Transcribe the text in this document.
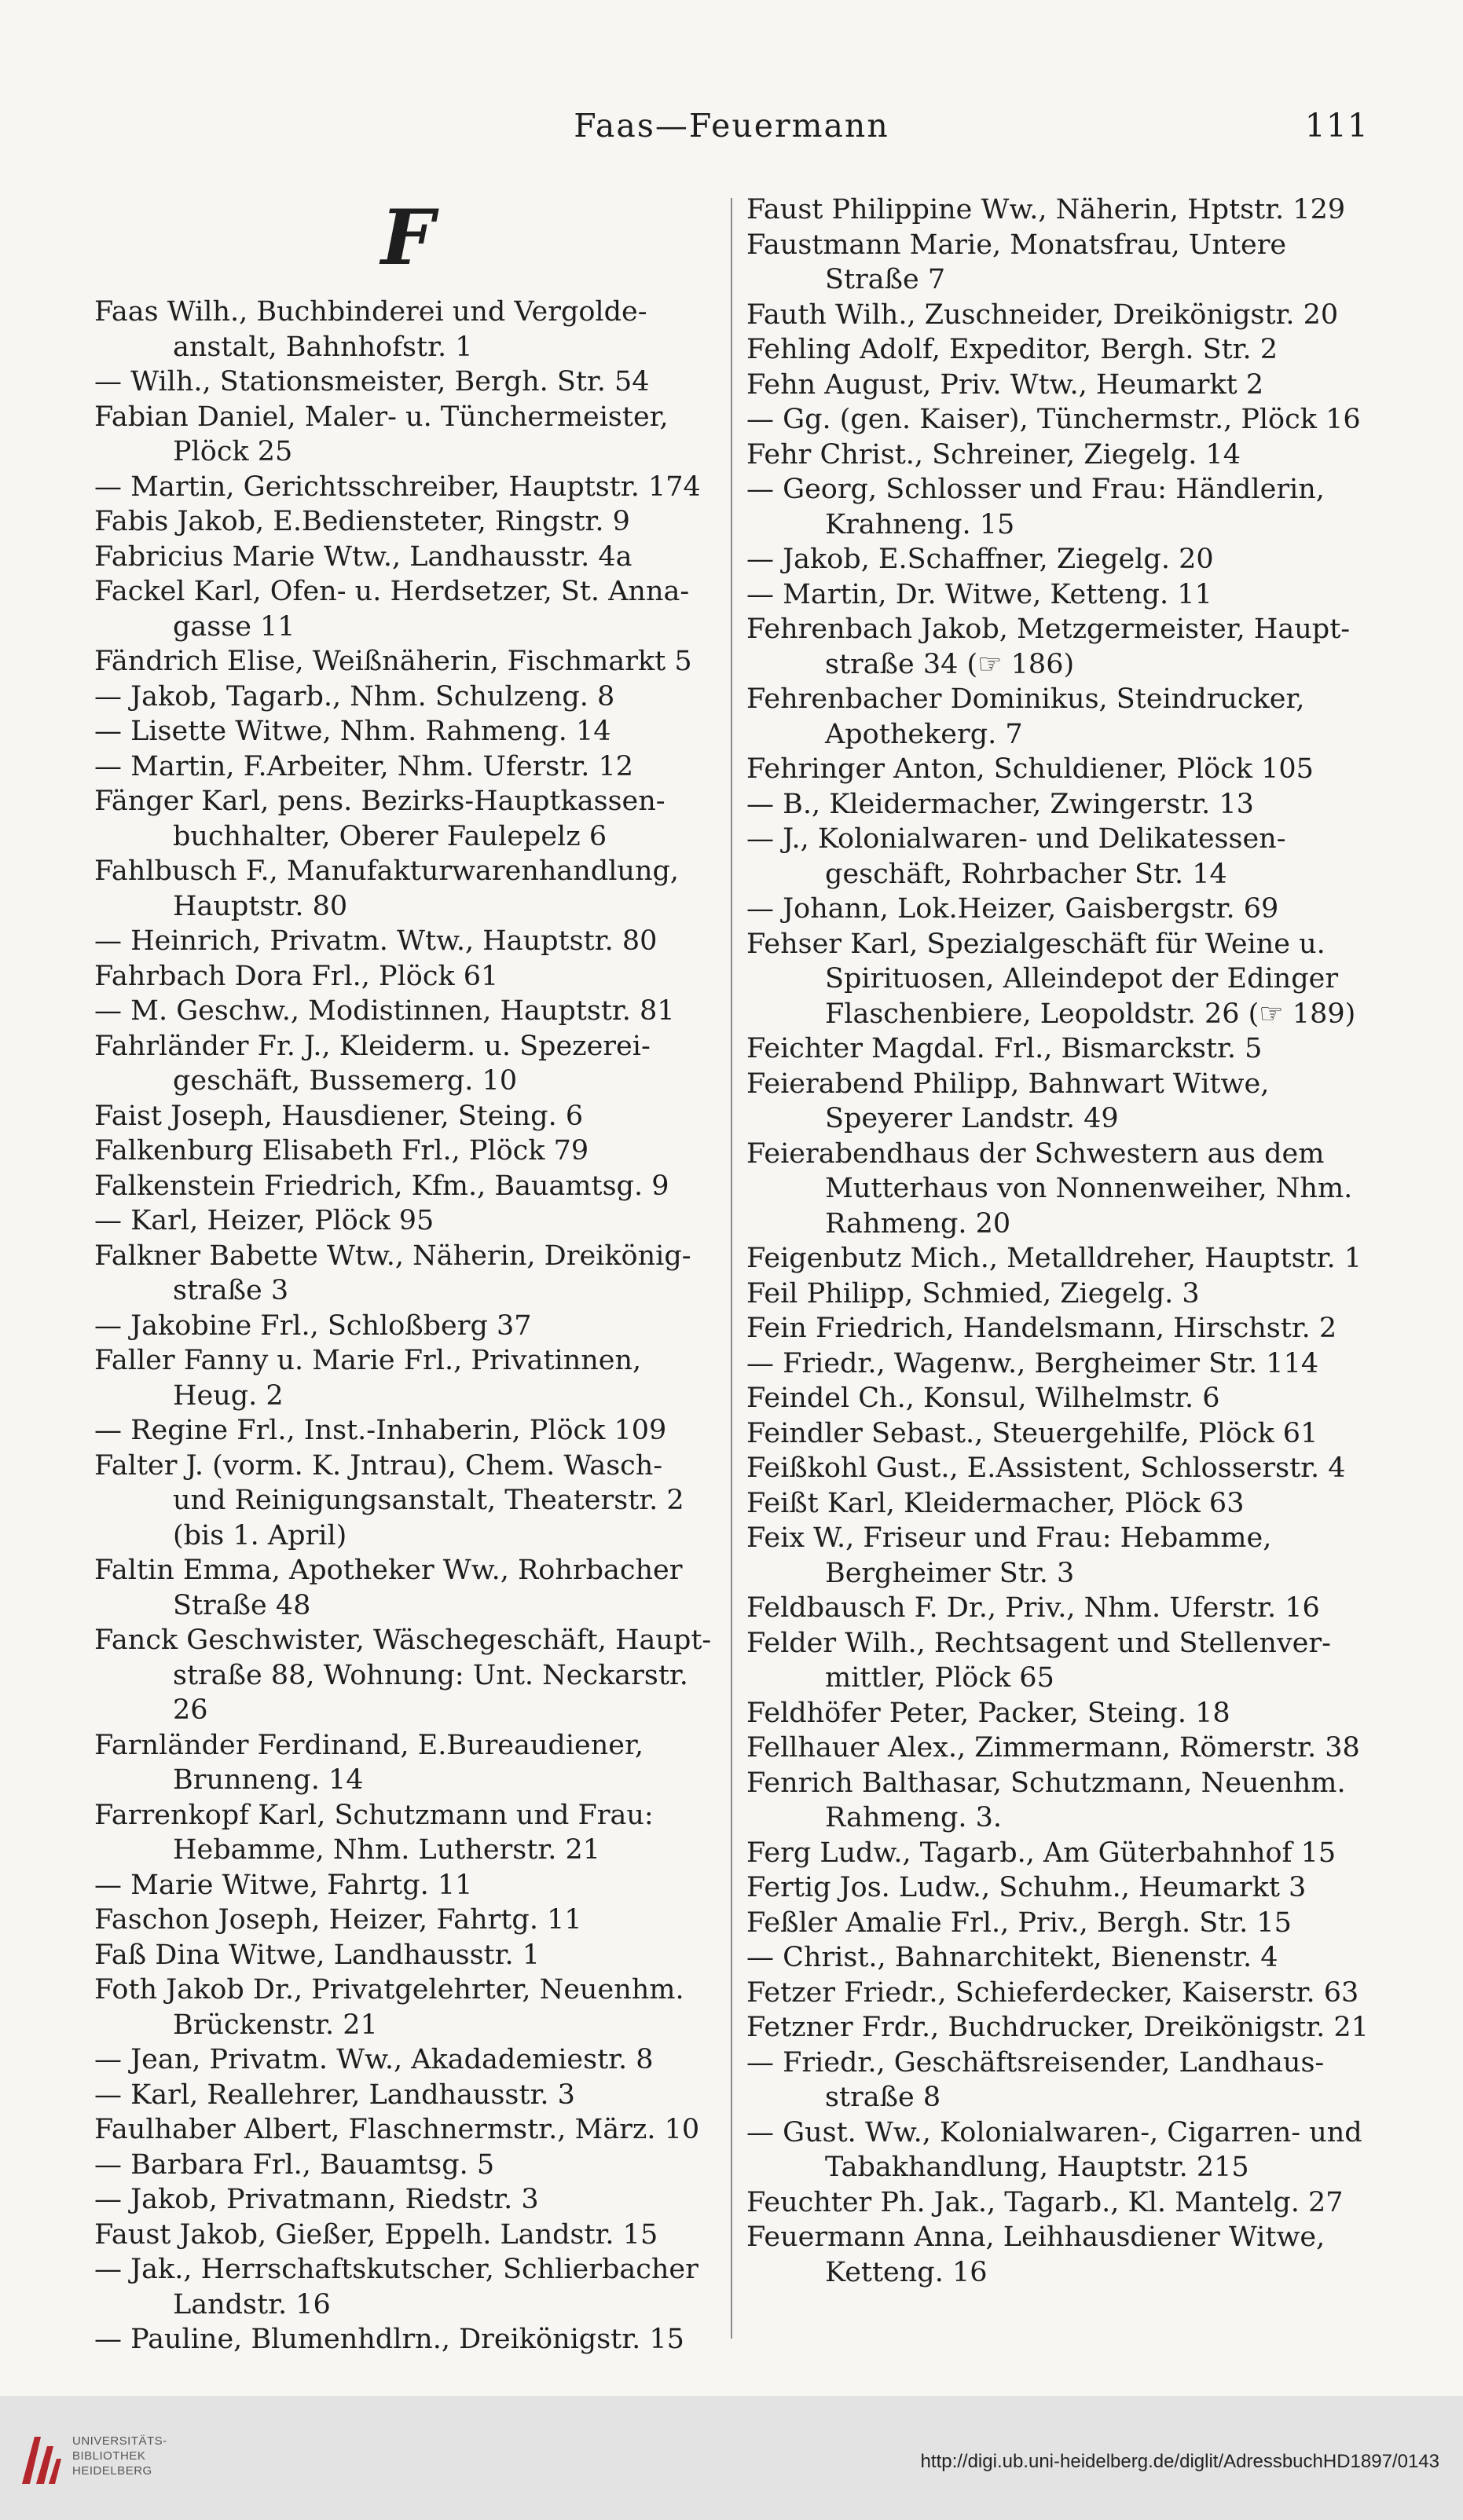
Faas—Feuermann	111
F

Faas Wilh., Buchbinderei und Vergolde-anstalt, Bahnhofstr. 1

— Wilh., Stationsmeister, Bergh. Str. 54

Fabian Daniel, Maler- u. Tünchermeister, Plöck 25

— Martin, Gerichtsschreiber, Hauptstr. 174

Fabis Jakob, E.Bediensteter, Ringstr. 9

Fabricius Marie Wtw., Landhausstr. 4a

Fackel Karl, Ofen- u. Herdsetzer, St. Anna-gasse 11

Fändrich Elise, Weißnäherin, Fischmarkt 5

— Jakob, Tagarb., Nhm. Schulzeng. 8

— Lisette Witwe, Nhm. Rahmeng. 14

— Martin, F.Arbeiter, Nhm. Uferstr. 12

Fänger Karl, pens. Bezirks-Hauptkassen-buchhalter, Oberer Faulepelz 6

Fahlbusch F., Manufakturwarenhandlung, Hauptstr. 80

— Heinrich, Privatm. Wtw., Hauptstr. 80

Fahrbach Dora Frl., Plöck 61

— M. Geschw., Modistinnen, Hauptstr. 81

Fahrländer Fr. J., Kleiderm. u. Spezerei-geschäft, Bussemerg. 10

Faist Joseph, Hausdiener, Steing. 6

Falkenburg Elisabeth Frl., Plöck 79

Falkenstein Friedrich, Kfm., Bauamtsg. 9

— Karl, Heizer, Plöck 95

Falkner Babette Wtw., Näherin, Dreikönig-straße 3

— Jakobine Frl., Schloßberg 37

Faller Fanny u. Marie Frl., Privatinnen, Heug. 2

— Regine Frl., Inst.-Inhaberin, Plöck 109

Falter J. (vorm. K. Jntrau), Chem. Wasch- und Reinigungsanstalt, Theaterstr. 2 (bis 1. April)

Faltin Emma, Apotheker Ww., Rohrbacher Straße 48

Fanck Geschwister, Wäschegeschäft, Haupt-straße 88, Wohnung: Unt. Neckarstr. 26

Farnländer Ferdinand, E.Bureaudiener, Brunneng. 14

Farrenkopf Karl, Schutzmann und Frau: Hebamme, Nhm. Lutherstr. 21

— Marie Witwe, Fahrtg. 11

Faschon Joseph, Heizer, Fahrtg. 11

Faß Dina Witwe, Landhausstr. 1

Foth Jakob Dr., Privatgelehrter, Neuenhm. Brückenstr. 21

— Jean, Privatm. Ww., Akadademiestr. 8

— Karl, Reallehrer, Landhausstr. 3

Faulhaber Albert, Flaschnermstr., März. 10

— Barbara Frl., Bauamtsg. 5

— Jakob, Privatmann, Riedstr. 3

Faust Jakob, Gießer, Eppelh. Landstr. 15

— Jak., Herrschaftskutscher, Schlierbacher Landstr. 16

— Pauline, Blumenhdlrn., Dreikönigstr. 15

Faust Philippine Ww., Näherin, Hptstr. 129

Faustmann Marie, Monatsfrau, Untere Straße 7

Fauth Wilh., Zuschneider, Dreikönigstr. 20

Fehling Adolf, Expeditor, Bergh. Str. 2

Fehn August, Priv. Wtw., Heumarkt 2

— Gg. (gen. Kaiser), Tünchermstr., Plöck 16

Fehr Christ., Schreiner, Ziegelg. 14

— Georg, Schlosser und Frau: Händlerin, Krahneng. 15

— Jakob, E.Schaffner, Ziegelg. 20

— Martin, Dr. Witwe, Ketteng. 11

Fehrenbach Jakob, Metzgermeister, Haupt-straße 34 (☞ 186)

Fehrenbacher Dominikus, Steindrucker, Apothekerg. 7

Fehringer Anton, Schuldiener, Plöck 105

— B., Kleidermacher, Zwingerstr. 13

— J., Kolonialwaren- und Delikatessen-geschäft, Rohrbacher Str. 14

— Johann, Lok.Heizer, Gaisbergstr. 69

Fehser Karl, Spezialgeschäft für Weine u. Spirituosen, Alleindepot der Edinger Flaschenbiere, Leopoldstr. 26 (☞ 189)

Feichter Magdal. Frl., Bismarckstr. 5

Feierabend Philipp, Bahnwart Witwe, Speyerer Landstr. 49

Feierabendhaus der Schwestern aus dem Mutterhaus von Nonnenweiher, Nhm. Rahmeng. 20

Feigenbutz Mich., Metalldreher, Hauptstr. 1

Feil Philipp, Schmied, Ziegelg. 3

Fein Friedrich, Handelsmann, Hirschstr. 2

— Friedr., Wagenw., Bergheimer Str. 114

Feindel Ch., Konsul, Wilhelmstr. 6

Feindler Sebast., Steuergehilfe, Plöck 61

Feißkohl Gust., E.Assistent, Schlosserstr. 4

Feißt Karl, Kleidermacher, Plöck 63

Feix W., Friseur und Frau: Hebamme, Bergheimer Str. 3

Feldbausch F. Dr., Priv., Nhm. Uferstr. 16

Felder Wilh., Rechtsagent und Stellenver-mittler, Plöck 65

Feldhöfer Peter, Packer, Steing. 18

Fellhauer Alex., Zimmermann, Römerstr. 38

Fenrich Balthasar, Schutzmann, Neuenhm. Rahmeng. 3.

Ferg Ludw., Tagarb., Am Güterbahnhof 15

Fertig Jos. Ludw., Schuhm., Heumarkt 3

Feßler Amalie Frl., Priv., Bergh. Str. 15

— Christ., Bahnarchitekt, Bienenstr. 4

Fetzer Friedr., Schieferdecker, Kaiserstr. 63

Fetzner Frdr., Buchdrucker, Dreikönigstr. 21

— Friedr., Geschäftsreisender, Landhaus-straße 8

— Gust. Ww., Kolonialwaren-, Cigarren- und Tabakhandlung, Hauptstr. 215

Feuchter Ph. Jak., Tagarb., Kl. Mantelg. 27

Feuermann Anna, Leihhausdiener Witwe, Ketteng. 16

UNIVERSITÄTS-
BIBLIOTHEK
HEIDELBERG	http://digi.ub.uni-heidelberg.de/diglit/AdressbuchHD1897/0143
